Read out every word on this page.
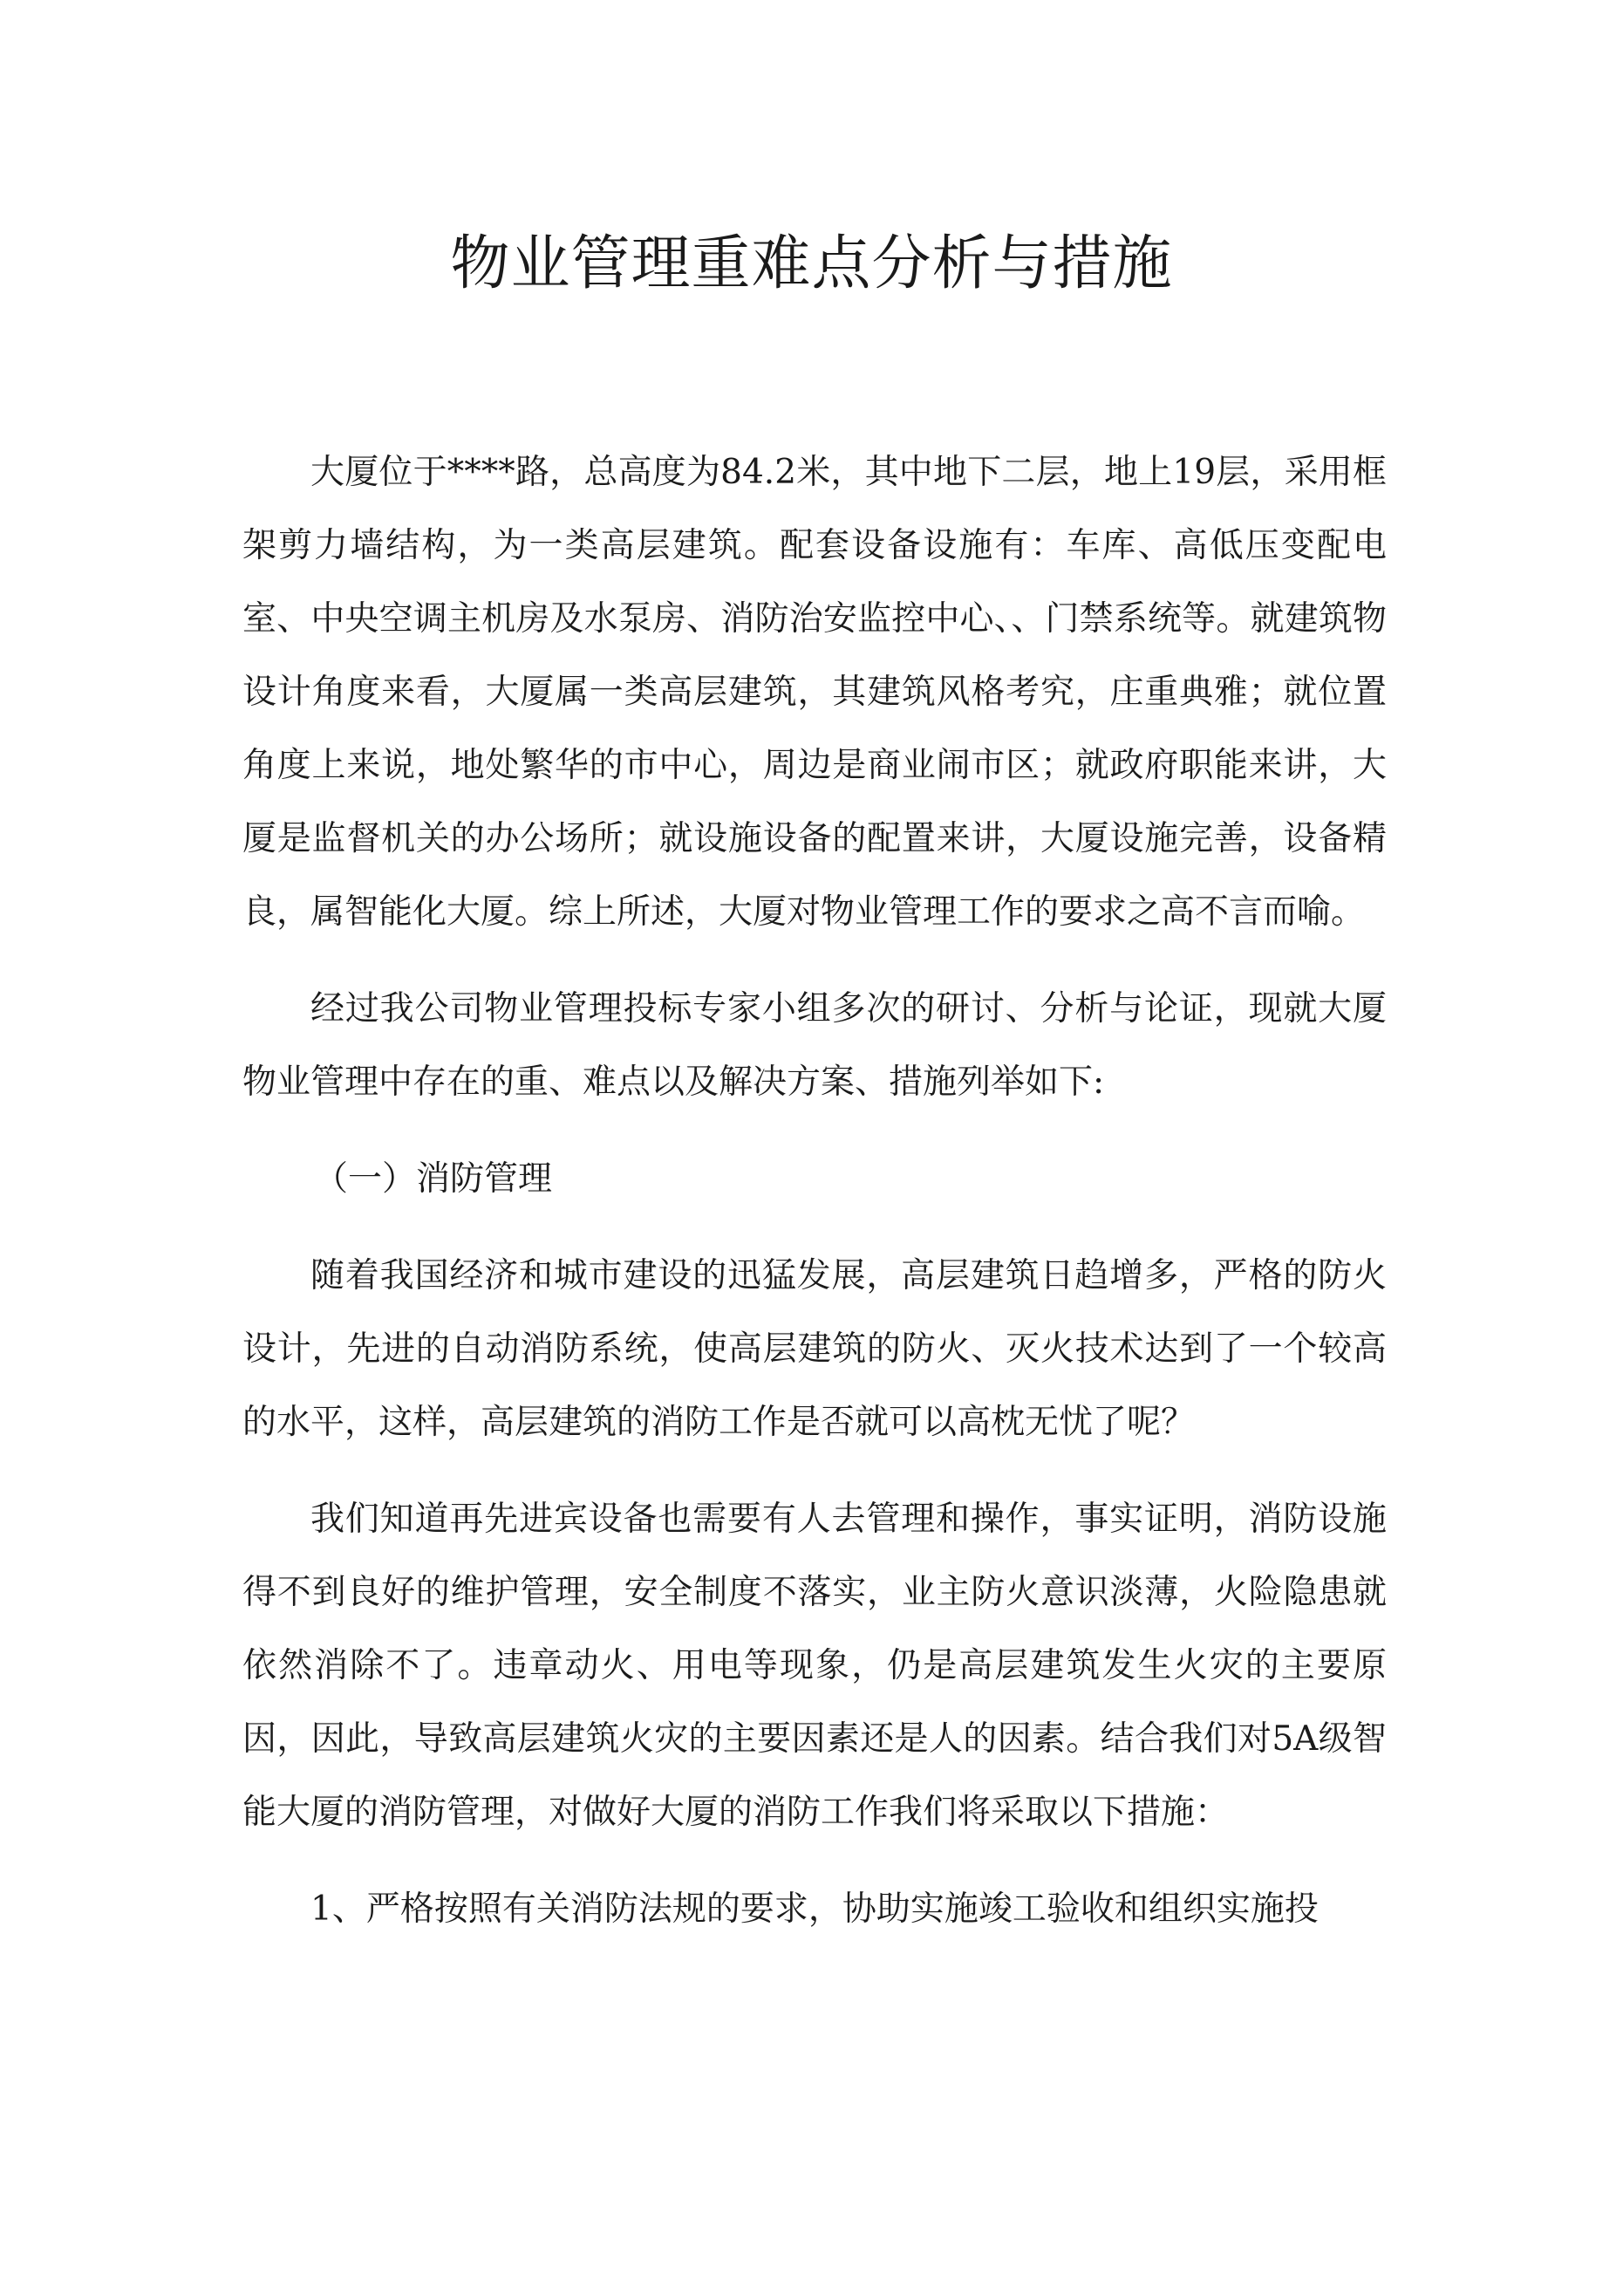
物业管理重难点分析与措施

大厦位于****路，总高度为84.2米，其中地下二层，地上19层，采用框架剪力墙结构，为一类高层建筑。配套设备设施有：车库、高低压变配电室、中央空调主机房及水泵房、消防治安监控中心、、门禁系统等。就建筑物设计角度来看，大厦属一类高层建筑，其建筑风格考究，庄重典雅；就位置角度上来说，地处繁华的市中心，周边是商业闹市区；就政府职能来讲，大厦是监督机关的办公场所；就设施设备的配置来讲，大厦设施完善，设备精良，属智能化大厦。综上所述，大厦对物业管理工作的要求之高不言而喻。

经过我公司物业管理投标专家小组多次的研讨、分析与论证，现就大厦物业管理中存在的重、难点以及解决方案、措施列举如下:

（一）消防管理

随着我国经济和城市建设的迅猛发展，高层建筑日趋增多，严格的防火设计，先进的自动消防系统，使高层建筑的防火、灭火技术达到了一个较高的水平，这样，高层建筑的消防工作是否就可以高枕无忧了呢？

我们知道再先进宾设备也需要有人去管理和操作，事实证明，消防设施得不到良好的维护管理，安全制度不落实，业主防火意识淡薄，火险隐患就依然消除不了。违章动火、用电等现象，仍是高层建筑发生火灾的主要原因，因此，导致高层建筑火灾的主要因素还是人的因素。结合我们对5A级智能大厦的消防管理，对做好大厦的消防工作我们将采取以下措施：

1、严格按照有关消防法规的要求，协助实施竣工验收和组织实施投
